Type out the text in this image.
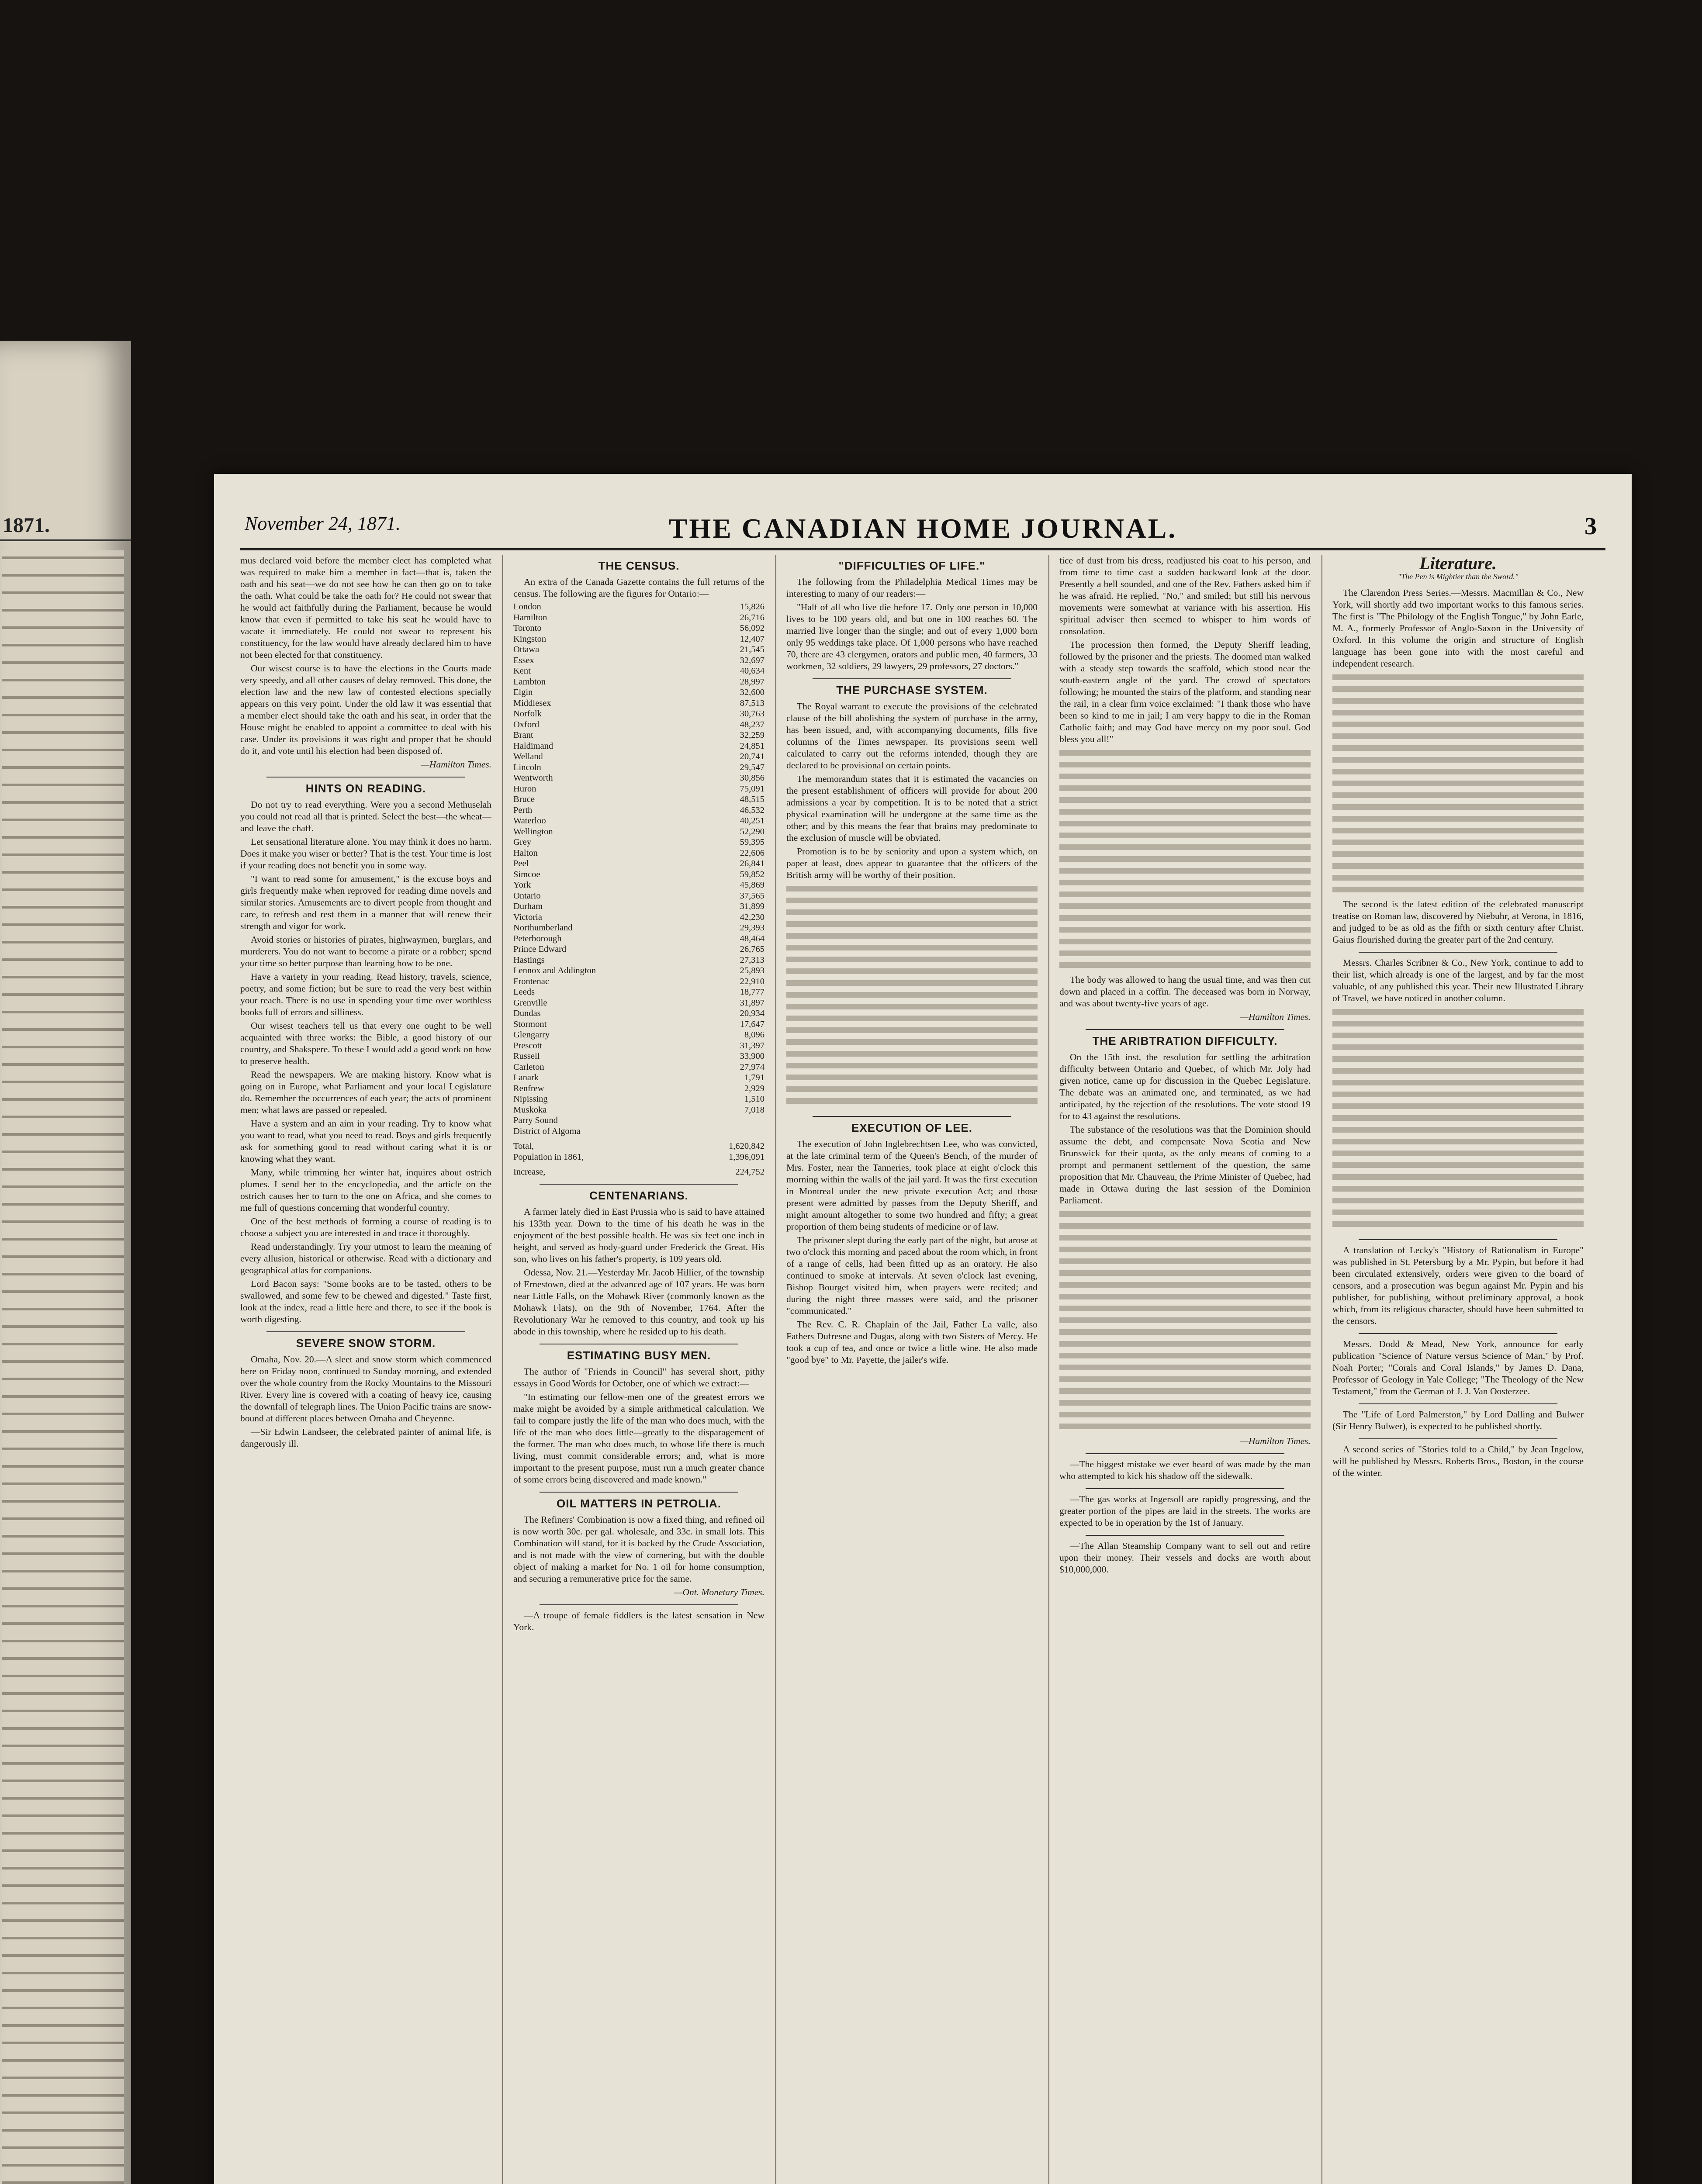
1871.	November 24, 1871.	THE CANADIAN HOME JOURNAL.	3

mus declared void before the member elect has completed what was required to make him a member in fact—that is, taken the oath and his seat—we do not see how he can then go on to take the oath. What could be take the oath for? He could not swear that he would act faithfully during the Parliament, because he would know that even if permitted to take his seat he would have to vacate it immediately. He could not swear to represent his constituency, for the law would have already declared him to have not been elected for that constituency.

Our wisest course is to have the elections in the Courts made very speedy, and all other causes of delay removed. This done, the election law and the new law of contested elections specially appears on this very point. Under the old law it was essential that a member elect should take the oath and his seat, in order that the House might be enabled to appoint a committee to deal with his case. Under its provisions it was right and proper that he should do it, and vote until his election had been disposed of.

—Hamilton Times.

HINTS ON READING.

Do not try to read everything. Were you a second Methuselah you could not read all that is printed. Select the best—the wheat—and leave the chaff.

Let sensational literature alone. You may think it does no harm. Does it make you wiser or better? That is the test. Your time is lost if your reading does not benefit you in some way.

"I want to read some for amusement," is the excuse boys and girls frequently make when reproved for reading dime novels and similar stories. Amusements are to divert people from thought and care, to refresh and rest them in a manner that will renew their strength and vigor for work.

Avoid stories or histories of pirates, highwaymen, burglars, and murderers. You do not want to become a pirate or a robber; spend your time so better purpose than learning how to be one.

Have a variety in your reading. Read history, travels, science, poetry, and some fiction; but be sure to read the very best within your reach. There is no use in spending your time over worthless books full of errors and silliness.

Our wisest teachers tell us that every one ought to be well acquainted with three works: the Bible, a good history of our country, and Shakspere. To these I would add a good work on how to preserve health.

Read the newspapers. We are making history. Know what is going on in Europe, what Parliament and your local Legislature do. Remember the occurrences of each year; the acts of prominent men; what laws are passed or repealed.

Have a system and an aim in your reading. Try to know what you want to read, what you need to read. Boys and girls frequently ask for something good to read without caring what it is or knowing what they want.

Many, while trimming her winter hat, inquires about ostrich plumes. I send her to the encyclopedia, and the article on the ostrich causes her to turn to the one on Africa, and she comes to me full of questions concerning that wonderful country.

One of the best methods of forming a course of reading is to choose a subject you are interested in and trace it thoroughly.

Read understandingly. Try your utmost to learn the meaning of every allusion, historical or otherwise. Read with a dictionary and geographical atlas for companions.

Lord Bacon says: "Some books are to be tasted, others to be swallowed, and some few to be chewed and digested." Taste first, look at the index, read a little here and there, to see if the book is worth digesting.

SEVERE SNOW STORM.

Omaha, Nov. 20.—A sleet and snow storm which commenced here on Friday noon, continued to Sunday morning, and extended over the whole country from the Rocky Mountains to the Missouri River. Every line is covered with a coating of heavy ice, causing the downfall of telegraph lines. The Union Pacific trains are snow-bound at different places between Omaha and Cheyenne.

—Sir Edwin Landseer, the celebrated painter of animal life, is dangerously ill.

THE CENSUS.

An extra of the Canada Gazette contains the full returns of the census. The following are the figures for Ontario:—

London	15,826
Hamilton	26,716
Toronto	56,092
Kingston	12,407
Ottawa	21,545
Essex	32,697
Kent	40,634
Lambton	28,997
Elgin	32,600
Middlesex	87,513
Norfolk	30,763
Oxford	48,237
Brant	32,259
Haldimand	24,851
Welland	20,741
Lincoln	29,547
Wentworth	30,856
Huron	75,091
Bruce	48,515
Perth	46,532
Waterloo	40,251
Wellington	52,290
Grey	59,395
Halton	22,606
Peel	26,841
Simcoe	59,852
York	45,869
Ontario	37,565
Durham	31,899
Victoria	42,230
Northumberland	29,393
Peterborough	48,464
Prince Edward	26,765
Hastings	27,313
Lennox and Addington	25,893
Frontenac	22,910
Leeds	18,777
Grenville	31,897
Dundas	20,934
Stormont	17,647
Glengarry	8,096
Prescott	31,397
Russell	33,900
Carleton	27,974
Lanark	1,791
Renfrew	2,929
Nipissing	1,510
Muskoka	7,018
Parry Sound	
District of Algoma	
Total,	1,620,842
Population in 1861,	1,396,091
Increase,	224,752
CENTENARIANS.

A farmer lately died in East Prussia who is said to have attained his 133th year. Down to the time of his death he was in the enjoyment of the best possible health. He was six feet one inch in height, and served as body-guard under Frederick the Great. His son, who lives on his father's property, is 109 years old.

Odessa, Nov. 21.—Yesterday Mr. Jacob Hillier, of the township of Ernestown, died at the advanced age of 107 years. He was born near Little Falls, on the Mohawk River (commonly known as the Mohawk Flats), on the 9th of November, 1764. After the Revolutionary War he removed to this country, and took up his abode in this township, where he resided up to his death.

ESTIMATING BUSY MEN.

The author of "Friends in Council" has several short, pithy essays in Good Words for October, one of which we extract:—

"In estimating our fellow-men one of the greatest errors we make might be avoided by a simple arithmetical calculation. We fail to compare justly the life of the man who does much, with the life of the man who does little—greatly to the disparagement of the former. The man who does much, to whose life there is much living, must commit considerable errors; and, what is more important to the present purpose, must run a much greater chance of some errors being discovered and made known."

OIL MATTERS IN PETROLIA.

The Refiners' Combination is now a fixed thing, and refined oil is now worth 30c. per gal. wholesale, and 33c. in small lots. This Combination will stand, for it is backed by the Crude Association, and is not made with the view of cornering, but with the double object of making a market for No. 1 oil for home consumption, and securing a remunerative price for the same.

—Ont. Monetary Times.

—A troupe of female fiddlers is the latest sensation in New York.

"DIFFICULTIES OF LIFE."

The following from the Philadelphia Medical Times may be interesting to many of our readers:—

"Half of all who live die before 17. Only one person in 10,000 lives to be 100 years old, and but one in 100 reaches 60. The married live longer than the single; and out of every 1,000 born only 95 weddings take place. Of 1,000 persons who have reached 70, there are 43 clergymen, orators and public men, 40 farmers, 33 workmen, 32 soldiers, 29 lawyers, 29 professors, 27 doctors."

THE PURCHASE SYSTEM.

The Royal warrant to execute the provisions of the celebrated clause of the bill abolishing the system of purchase in the army, has been issued, and, with accompanying documents, fills five columns of the Times newspaper. Its provisions seem well calculated to carry out the reforms intended, though they are declared to be provisional on certain points.

The memorandum states that it is estimated the vacancies on the present establishment of officers will provide for about 200 admissions a year by competition. It is to be noted that a strict physical examination will be undergone at the same time as the other; and by this means the fear that brains may predominate to the exclusion of muscle will be obviated.

Promotion is to be by seniority and upon a system which, on paper at least, does appear to guarantee that the officers of the British army will be worthy of their position.

EXECUTION OF LEE.

The execution of John Inglebrechtsen Lee, who was convicted, at the late criminal term of the Queen's Bench, of the murder of Mrs. Foster, near the Tanneries, took place at eight o'clock this morning within the walls of the jail yard. It was the first execution in Montreal under the new private execution Act; and those present were admitted by passes from the Deputy Sheriff, and might amount altogether to some two hundred and fifty; a great proportion of them being students of medicine or of law.

The prisoner slept during the early part of the night, but arose at two o'clock this morning and paced about the room which, in front of a range of cells, had been fitted up as an oratory. He also continued to smoke at intervals. At seven o'clock last evening, Bishop Bourget visited him, when prayers were recited; and during the night three masses were said, and the prisoner "communicated."

The Rev. C. R. Chaplain of the Jail, Father La valle, also Fathers Dufresne and Dugas, along with two Sisters of Mercy. He took a cup of tea, and once or twice a little wine. He also made "good bye" to Mr. Payette, the jailer's wife.

tice of dust from his dress, readjusted his coat to his person, and from time to time cast a sudden backward look at the door. Presently a bell sounded, and one of the Rev. Fathers asked him if he was afraid. He replied, "No," and smiled; but still his nervous movements were somewhat at variance with his assertion. His spiritual adviser then seemed to whisper to him words of consolation.

The procession then formed, the Deputy Sheriff leading, followed by the prisoner and the priests. The doomed man walked with a steady step towards the scaffold, which stood near the south-eastern angle of the yard. The crowd of spectators following; he mounted the stairs of the platform, and standing near the rail, in a clear firm voice exclaimed: "I thank those who have been so kind to me in jail; I am very happy to die in the Roman Catholic faith; and may God have mercy on my poor soul. God bless you all!"

The body was allowed to hang the usual time, and was then cut down and placed in a coffin. The deceased was born in Norway, and was about twenty-five years of age.

—Hamilton Times.

THE ARIBTRATION DIFFICULTY.

On the 15th inst. the resolution for settling the arbitration difficulty between Ontario and Quebec, of which Mr. Joly had given notice, came up for discussion in the Quebec Legislature. The debate was an animated one, and terminated, as we had anticipated, by the rejection of the resolutions. The vote stood 19 for to 43 against the resolutions.

The substance of the resolutions was that the Dominion should assume the debt, and compensate Nova Scotia and New Brunswick for their quota, as the only means of coming to a prompt and permanent settlement of the question, the same proposition that Mr. Chauveau, the Prime Minister of Quebec, had made in Ottawa during the last session of the Dominion Parliament.

—Hamilton Times.

—The biggest mistake we ever heard of was made by the man who attempted to kick his shadow off the sidewalk.

—The gas works at Ingersoll are rapidly progressing, and the greater portion of the pipes are laid in the streets. The works are expected to be in operation by the 1st of January.

—The Allan Steamship Company want to sell out and retire upon their money. Their vessels and docks are worth about $10,000,000.

Literature.
"The Pen is Mightier than the Sword."

The Clarendon Press Series.—Messrs. Macmillan & Co., New York, will shortly add two important works to this famous series. The first is "The Philology of the English Tongue," by John Earle, M. A., formerly Professor of Anglo-Saxon in the University of Oxford. In this volume the origin and structure of English language has been gone into with the most careful and independent research.

The second is the latest edition of the celebrated manuscript treatise on Roman law, discovered by Niebuhr, at Verona, in 1816, and judged to be as old as the fifth or sixth century after Christ. Gaius flourished during the greater part of the 2nd century.

Messrs. Charles Scribner & Co., New York, continue to add to their list, which already is one of the largest, and by far the most valuable, of any published this year. Their new Illustrated Library of Travel, we have noticed in another column.

A translation of Lecky's "History of Rationalism in Europe" was published in St. Petersburg by a Mr. Pypin, but before it had been circulated extensively, orders were given to the board of censors, and a prosecution was begun against Mr. Pypin and his publisher, for publishing, without preliminary approval, a book which, from its religious character, should have been submitted to the censors.

Messrs. Dodd & Mead, New York, announce for early publication "Science of Nature versus Science of Man," by Prof. Noah Porter; "Corals and Coral Islands," by James D. Dana, Professor of Geology in Yale College; "The Theology of the New Testament," from the German of J. J. Van Oosterzee.

The "Life of Lord Palmerston," by Lord Dalling and Bulwer (Sir Henry Bulwer), is expected to be published shortly.

A second series of "Stories told to a Child," by Jean Ingelow, will be published by Messrs. Roberts Bros., Boston, in the course of the winter.
